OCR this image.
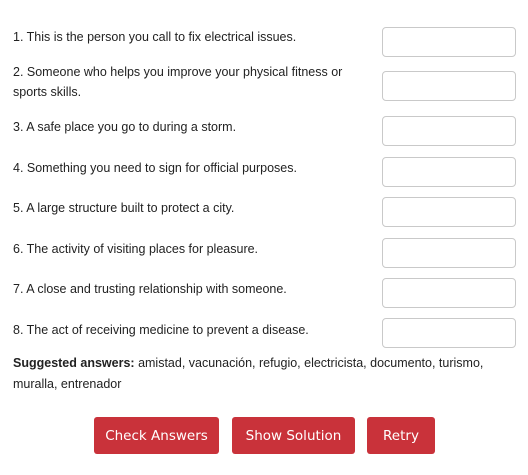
1. This is the person you call to fix electrical issues.
2. Someone who helps you improve your physical fitness or sports skills.
3. A safe place you go to during a storm.
4. Something you need to sign for official purposes.
5. A large structure built to protect a city.
6. The activity of visiting places for pleasure.
7. A close and trusting relationship with someone.
8. The act of receiving medicine to prevent a disease.
Suggested answers: amistad, vacunación, refugio, electricista, documento, turismo, muralla, entrenador
Check Answers	Show Solution	Retry
